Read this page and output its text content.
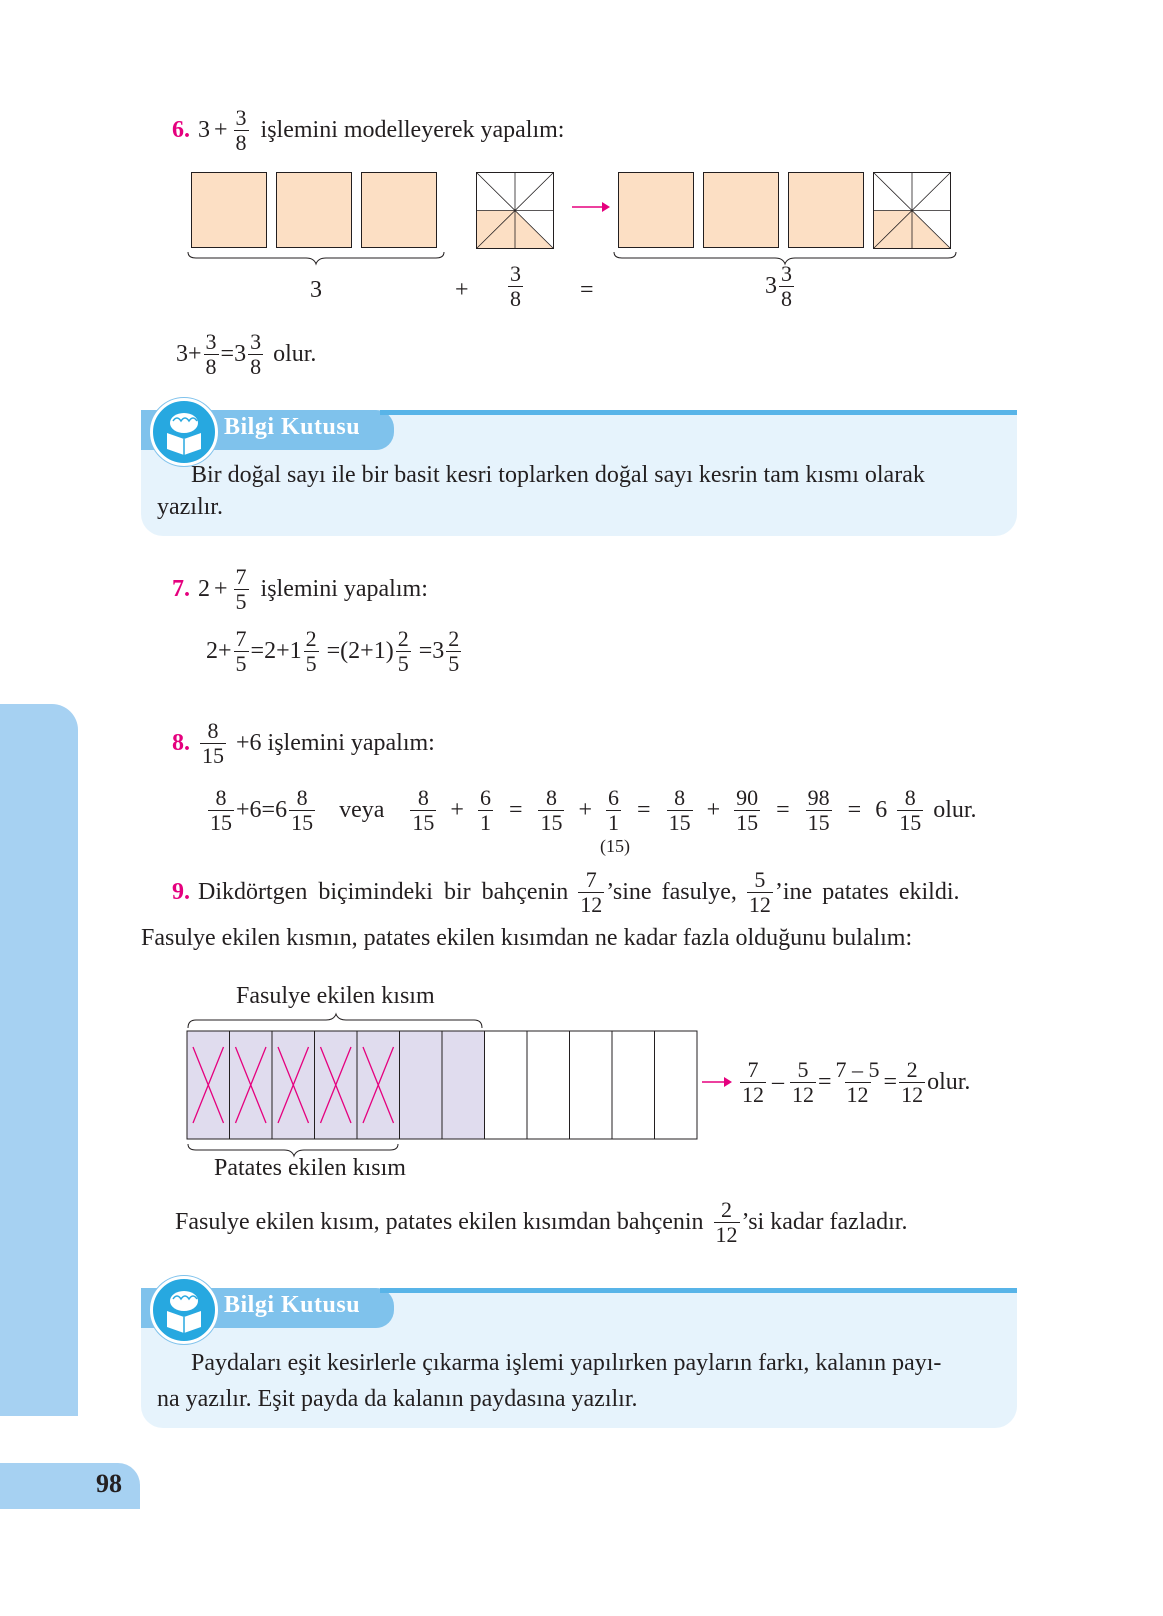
98
6. $3 + \frac{3}{8}$ işlemini modelleyerek yapalım:
3	+ $\frac{3}{8}$ =	$3 \frac{3}{8}$
$3+ \frac{3}{8} =3 \frac{3}{8}$ olur.
Bilgi Kutusu
Bir doğal sayı ile bir basit kesri toplarken doğal sayı kesrin tam kısmı olarak
yazılır.
7. $2 + \frac{7}{5}$ işlemini yapalım:
$2+ \frac{7}{5} =2+1 \frac{2}{5} =(2+1) \frac{2}{5} =3 \frac{2}{5}$
8. $\frac{8}{15} +6$ işlemini yapalım:
$\frac{8}{15} +6=6 \frac{8}{15}$ veya $\frac{8}{15} + \frac{6}{1} = \frac{8}{15} + \frac{6}{1}$
(15)
= $\frac{8}{15} + \frac{90}{15} = \frac{98}{15} = 6 \frac{8}{15}$ olur.
9. Dikdörtgen biçimindeki bir bahçenin $\frac{7}{12}$ ’sine fasulye, $\frac{5}{12}$ ’ine patates ekildi.
Fasulye ekilen kısmın, patates ekilen kısımdan ne kadar fazla olduğunu bulalım:
Fasulye ekilen kısım
Patates ekilen kısım
$\frac{7}{12} - \frac{5}{12} = \frac{7 - 5}{12} = \frac{2}{12}$ olur.
Fasulye ekilen kısım, patates ekilen kısımdan bahçenin $\frac{2}{12}$ ’si kadar fazladır.
Bilgi Kutusu
Paydaları eşit kesirlerle çıkarma işlemi yapılırken payların farkı, kalanın payı-
na yazılır. Eşit payda da kalanın paydasına yazılır.
